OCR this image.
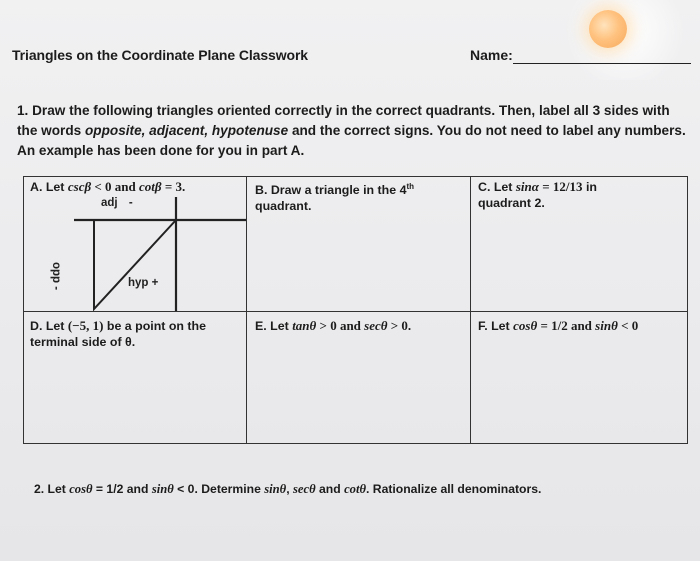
Triangles on the Coordinate Plane Classwork	Name:
1. Draw the following triangles oriented correctly in the correct quadrants. Then, label all 3 sides with
the words opposite, adjacent, hypotenuse and the correct signs. You do not need to label any numbers.
An example has been done for you in part A.
A. Let cscβ < 0 and cotβ = 3.
adj -
opp -	hyp +
B. Draw a triangle in the 4th
quadrant.
C. Let sinα = 12/13 in
quadrant 2.
D. Let (−5, 1) be a point on the
terminal side of θ.
E. Let tanθ > 0 and secθ > 0.	F. Let cosθ = 1/2 and sinθ < 0
2. Let cosθ = 1/2 and sinθ < 0. Determine sinθ, secθ and cotθ. Rationalize all denominators.
